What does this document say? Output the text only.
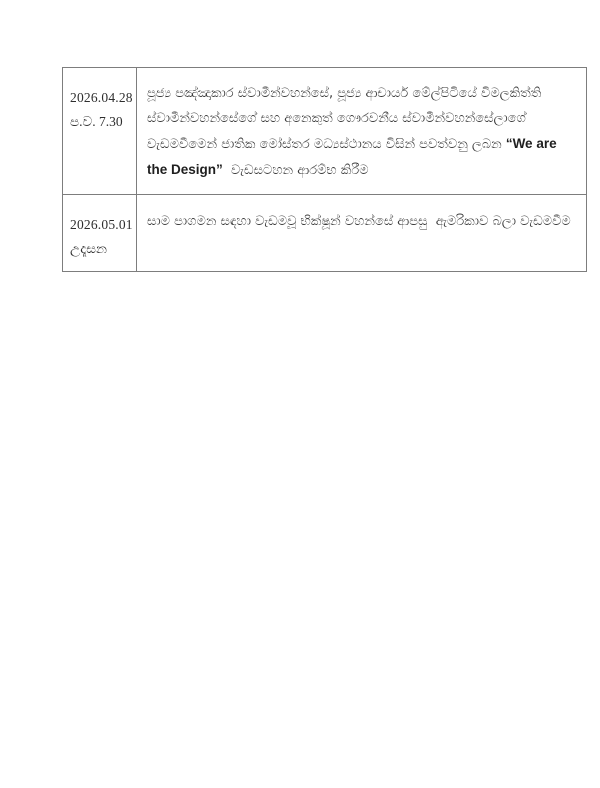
2026.04.28
ප.ව. 7.30	පූජ්‍ය පඤ්ඤාකාර ස්වාමීන්වහන්සේ, පූජ්‍ය ආචාර්ය මේල්පිටියේ විමලකිත්ති ස්වාමීන්වහන්සේගේ සහ අනෙකුත් ගෞරවනීය ස්වාමීන්වහන්සේලාගේ වැඩමවීමෙන් ජාතික මෝස්තර මධ්‍යස්ථානය විසින් පවත්වනු ලබන “We are the Design”  වැඩසටහන ආරම්භ කිරීම

2026.05.01
උදෑසන	සාම පාගමන සඳහා වැඩමවූ භික්ෂූන් වහන්සේ ආපසු  ඇමරිකාව බලා වැඩමවීම
